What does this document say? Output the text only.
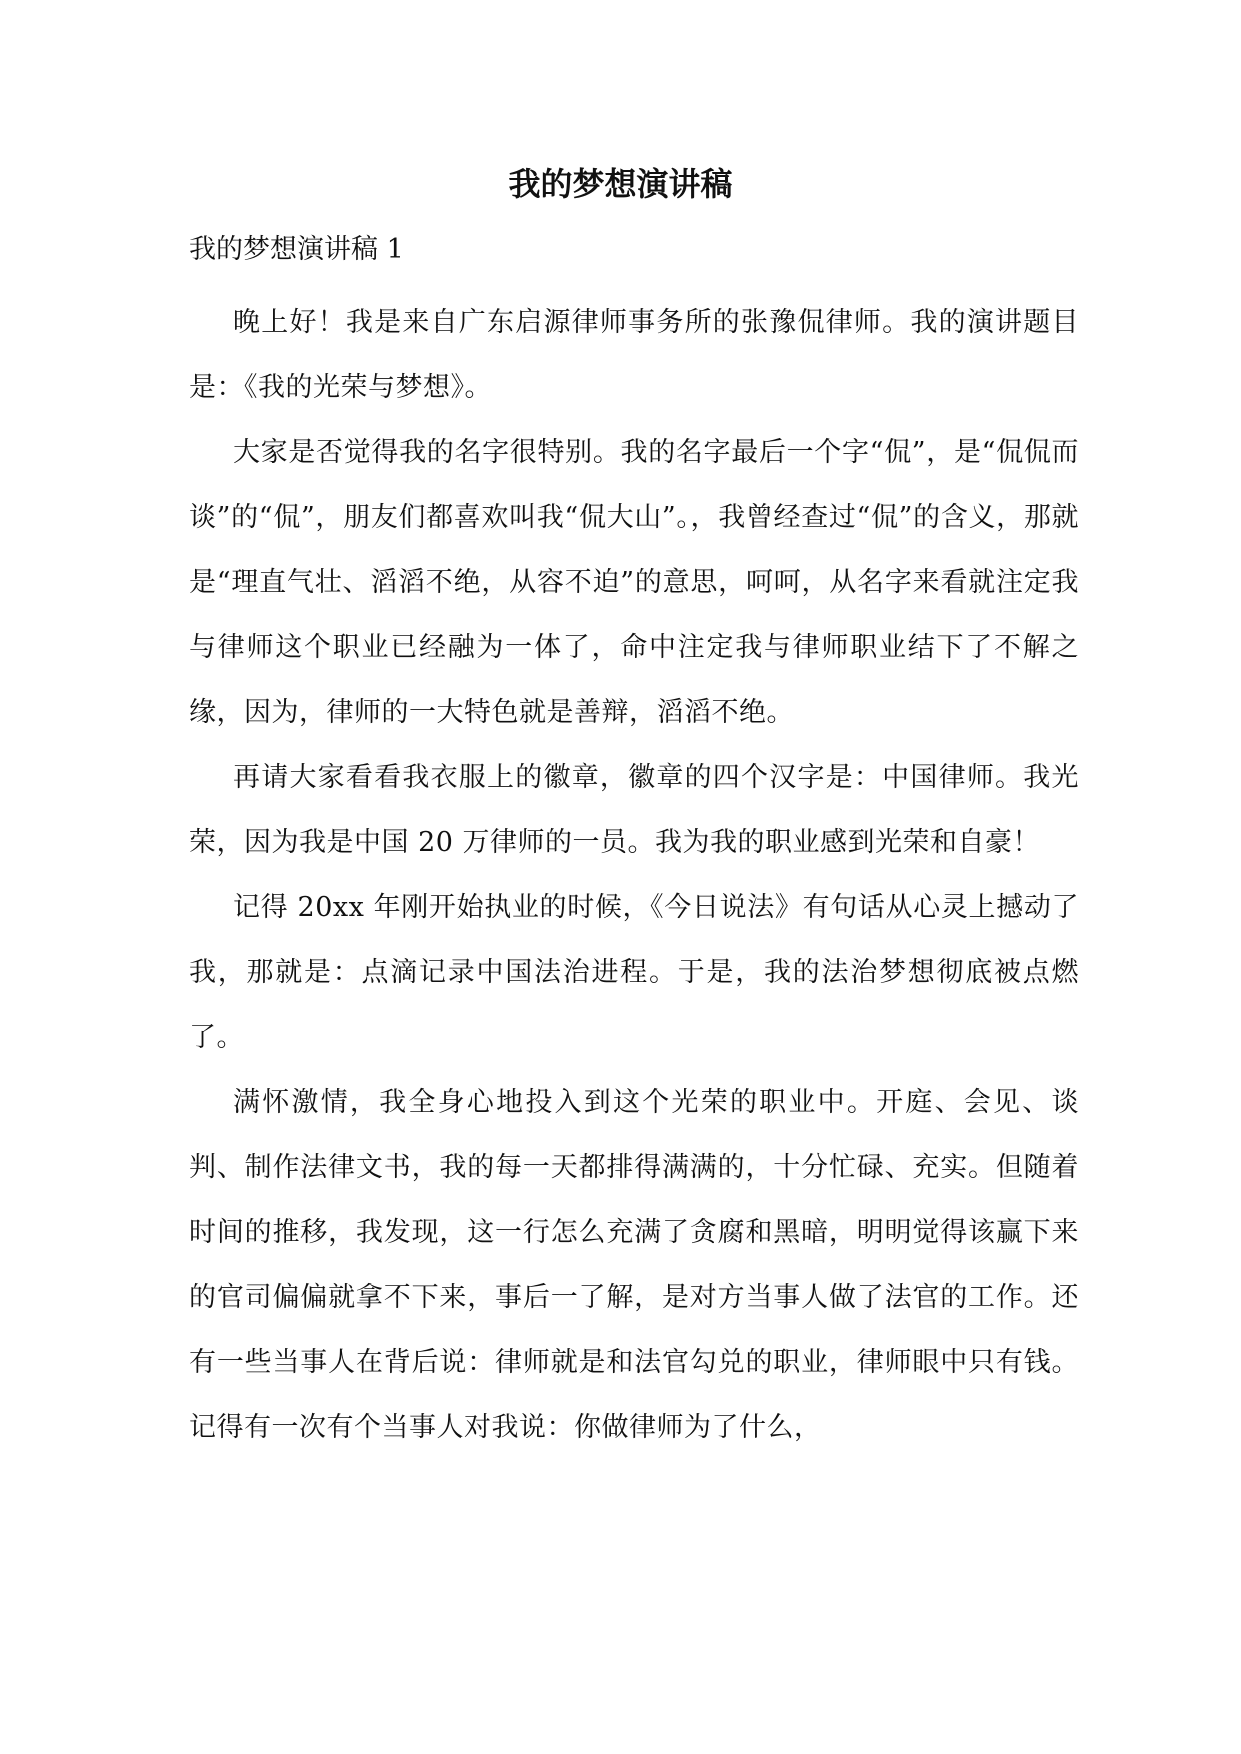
我的梦想演讲稿

我的梦想演讲稿 1

晚上好！我是来自广东启源律师事务所的张豫侃律师。我的演讲题目是：《我的光荣与梦想》。

大家是否觉得我的名字很特别。我的名字最后一个字“侃”，是“侃侃而谈”的“侃”，朋友们都喜欢叫我“侃大山”。，我曾经查过“侃”的含义，那就是“理直气壮、滔滔不绝，从容不迫”的意思，呵呵，从名字来看就注定我与律师这个职业已经融为一体了，命中注定我与律师职业结下了不解之缘，因为，律师的一大特色就是善辩，滔滔不绝。

再请大家看看我衣服上的徽章，徽章的四个汉字是：中国律师。我光荣，因为我是中国 20 万律师的一员。我为我的职业感到光荣和自豪！

记得 20xx 年刚开始执业的时候，《今日说法》有句话从心灵上撼动了我，那就是：点滴记录中国法治进程。于是，我的法治梦想彻底被点燃了。

满怀激情，我全身心地投入到这个光荣的职业中。开庭、会见、谈判、制作法律文书，我的每一天都排得满满的，十分忙碌、充实。但随着时间的推移，我发现，这一行怎么充满了贪腐和黑暗，明明觉得该赢下来的官司偏偏就拿不下来，事后一了解，是对方当事人做了法官的工作。还有一些当事人在背后说：律师就是和法官勾兑的职业，律师眼中只有钱。记得有一次有个当事人对我说：你做律师为了什么，
